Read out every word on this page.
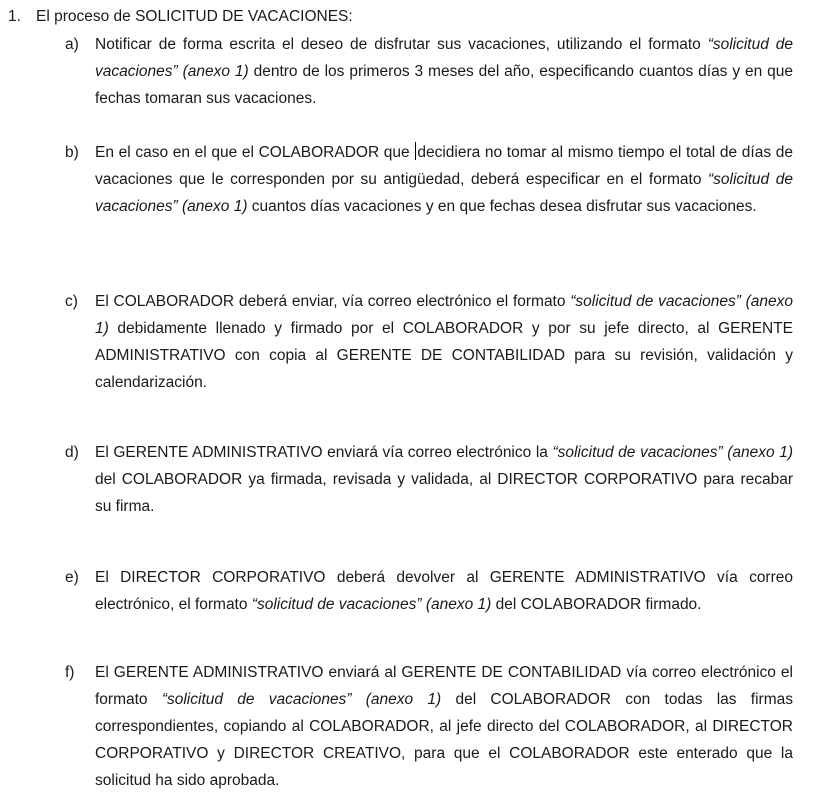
1. El proceso de SOLICITUD DE VACACIONES:
a)	Notificar de forma escrita el deseo de disfrutar sus vacaciones, utilizando el formato “solicitud de vacaciones” (anexo 1) dentro de los primeros 3 meses del año, especificando cuantos días y en que fechas tomaran sus vacaciones.
b)	En el caso en el que el COLABORADOR que decidiera no tomar al mismo tiempo el total de días de vacaciones que le corresponden por su antigüedad, deberá especificar en el formato “solicitud de vacaciones” (anexo 1) cuantos días vacaciones y en que fechas desea disfrutar sus vacaciones.
c)	El COLABORADOR deberá enviar, vía correo electrónico el formato “solicitud de vacaciones” (anexo 1) debidamente llenado y firmado por el COLABORADOR y por su jefe directo, al GERENTE ADMINISTRATIVO con copia al GERENTE DE CONTABILIDAD para su revisión, validación y calendarización.
d)	El GERENTE ADMINISTRATIVO enviará vía correo electrónico la “solicitud de vacaciones” (anexo 1) del COLABORADOR ya firmada, revisada y validada, al DIRECTOR CORPORATIVO para recabar su firma.
e)	El DIRECTOR CORPORATIVO deberá devolver al GERENTE ADMINISTRATIVO vía correo electrónico, el formato “solicitud de vacaciones” (anexo 1) del COLABORADOR firmado.
f)	El GERENTE ADMINISTRATIVO enviará al GERENTE DE CONTABILIDAD vía correo electrónico el formato “solicitud de vacaciones” (anexo 1) del COLABORADOR con todas las firmas correspondientes, copiando al COLABORADOR, al jefe directo del COLABORADOR, al DIRECTOR CORPORATIVO y DIRECTOR CREATIVO, para que el COLABORADOR este enterado que la solicitud ha sido aprobada.
